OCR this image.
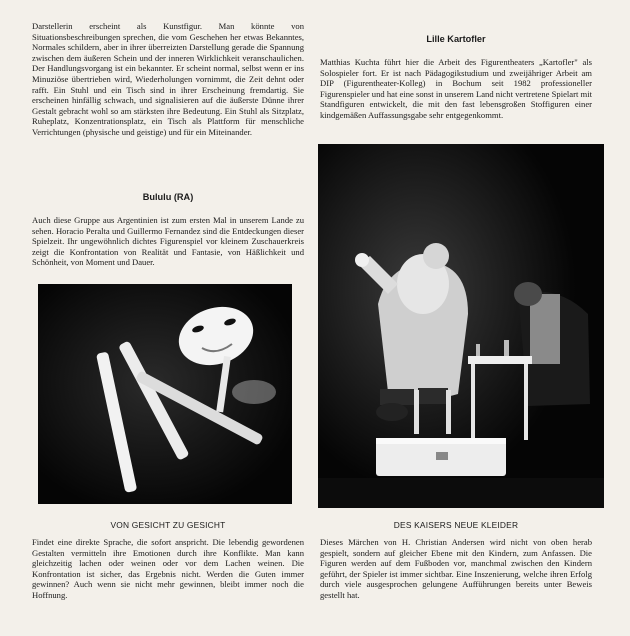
Darstellerin erscheint als Kunstfigur. Man könnte von Situationsbeschreibungen sprechen, die vom Geschehen her etwas Bekanntes, Normales schildern, aber in ihrer überreizten Darstellung gerade die Spannung zwischen dem äußeren Schein und der inneren Wirklichkeit veranschaulichen. Der Handlungsvorgang ist ein bekannter. Er scheint normal, selbst wenn er ins Minuziöse übertrieben wird, Wiederholungen vornimmt, die Zeit dehnt oder rafft. Ein Stuhl und ein Tisch sind in ihrer Erscheinung fremdartig. Sie erscheinen hinfällig schwach, und signalisieren auf die äußerste Dünne ihrer Gestalt gebracht wohl so am stärksten ihre Bedeutung. Ein Stuhl als Sitzplatz, Ruheplatz, Konzentrationsplatz, ein Tisch als Plattform für menschliche Verrichtungen (physische und geistige) und für ein Miteinander.

Bululu (RA)

Auch diese Gruppe aus Argentinien ist zum ersten Mal in unserem Lande zu sehen. Horacio Peralta und Guillermo Fernandez sind die Entdeckungen dieser Spielzeit. Ihr ungewöhnlich dichtes Figurenspiel vor kleinem Zuschauerkreis zeigt die Konfrontation von Realität und Fantasie, von Häßlichkeit und Schönheit, von Moment und Dauer.

VON GESICHT ZU GESICHT

Findet eine direkte Sprache, die sofort anspricht. Die lebendig gewordenen Gestalten vermitteln ihre Emotionen durch ihre Konflikte. Man kann gleichzeitig lachen oder weinen oder vor dem Lachen weinen. Die Konfrontation ist sicher, das Ergebnis nicht. Werden die Guten immer gewinnen? Auch wenn sie nicht mehr gewinnen, bleibt immer noch die Hoffnung.

Lille Kartofler

Matthias Kuchta führt hier die Arbeit des Figurentheaters „Kartofler" als Solospieler fort. Er ist nach Pädagogikstudium und zweijähriger Arbeit am DIP (Figurentheater-Kolleg) in Bochum seit 1982 professioneller Figurenspieler und hat eine sonst in unserem Land nicht vertretene Spielart mit Standfiguren entwickelt, die mit den fast lebensgroßen Stoffiguren einer kindgemäßen Auffassungsgabe sehr entgegenkommt.

DES KAISERS NEUE KLEIDER

Dieses Märchen von H. Christian Andersen wird nicht von oben herab gespielt, sondern auf gleicher Ebene mit den Kindern, zum Anfassen. Die Figuren werden auf dem Fußboden vor, manchmal zwischen den Kindern geführt, der Spieler ist immer sichtbar. Eine Inszenierung, welche ihren Erfolg durch viele ausgesprochen gelungene Aufführungen bereits unter Beweis gestellt hat.
